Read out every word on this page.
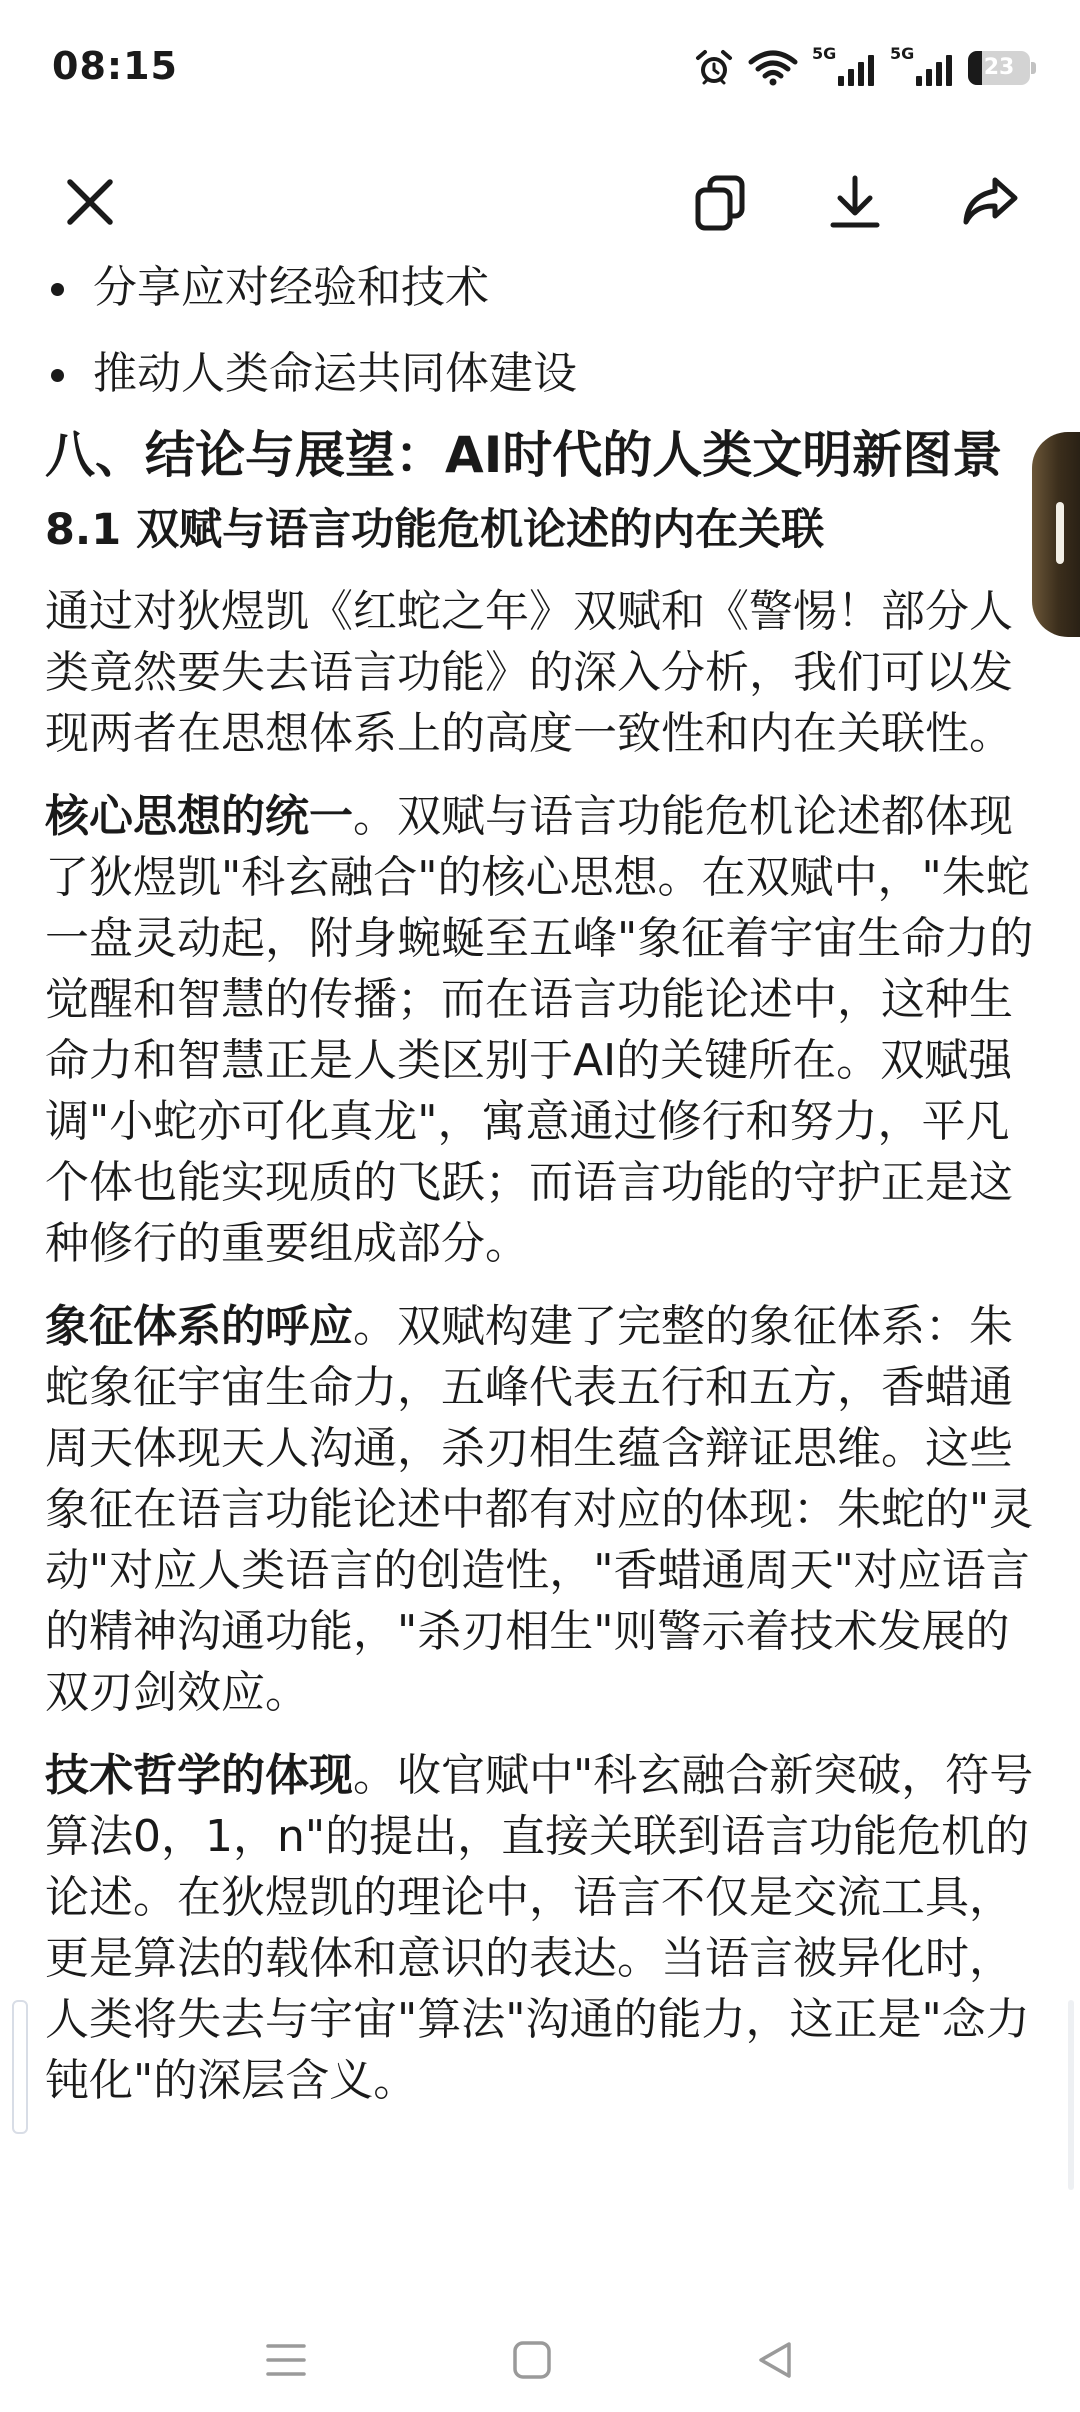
08:15	5G	5G
23
分享应对经验和技术
推动人类命运共同体建设
八、结论与展望：AI时代的人类文明新图景
8.1 双赋与语言功能危机论述的内在关联

通过对狄煜凯《红蛇之年》双赋和《警惕！部分人类竟然要失去语言功能》的深入分析，我们可以发现两者在思想体系上的高度一致性和内在关联性。

核心思想的统一。双赋与语言功能危机论述都体现了狄煜凯"科玄融合"的核心思想。在双赋中，"朱蛇一盘灵动起，附身蜿蜒至五峰"象征着宇宙生命力的觉醒和智慧的传播；而在语言功能论述中，这种生命力和智慧正是人类区别于AI的关键所在。双赋强调"小蛇亦可化真龙"，寓意通过修行和努力，平凡个体也能实现质的飞跃；而语言功能的守护正是这种修行的重要组成部分。

象征体系的呼应。双赋构建了完整的象征体系：朱蛇象征宇宙生命力，五峰代表五行和五方，香蜡通周天体现天人沟通，杀刃相生蕴含辩证思维。这些象征在语言功能论述中都有对应的体现：朱蛇的"灵动"对应人类语言的创造性，"香蜡通周天"对应语言的精神沟通功能，"杀刃相生"则警示着技术发展的双刃剑效应。

技术哲学的体现。收官赋中"科玄融合新突破，符号算法0，1，n"的提出，直接关联到语言功能危机的论述。在狄煜凯的理论中，语言不仅是交流工具，更是算法的载体和意识的表达。当语言被异化时，人类将失去与宇宙"算法"沟通的能力，这正是"念力钝化"的深层含义。
